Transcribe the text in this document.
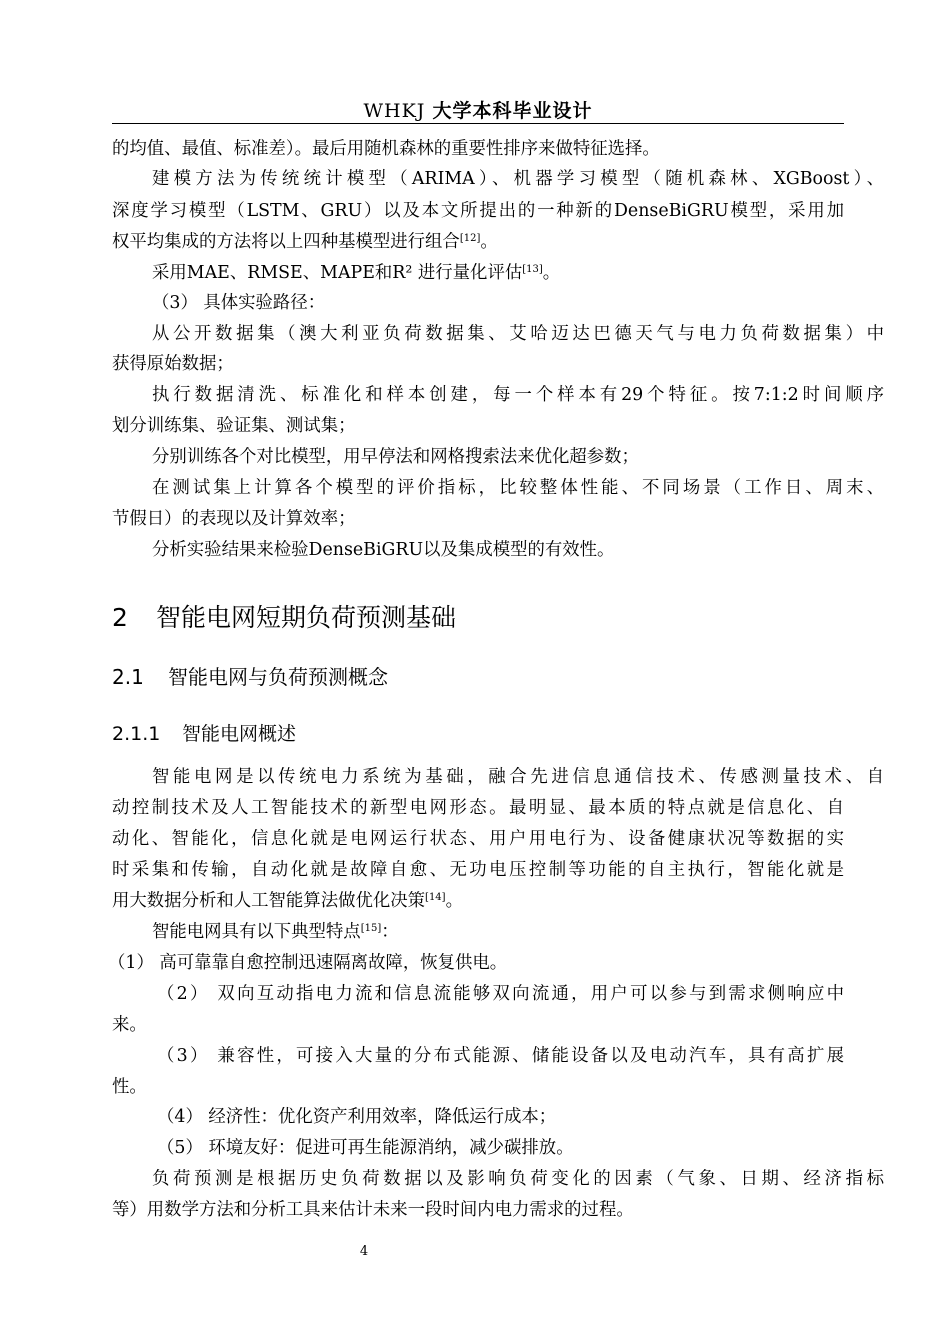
WHKJ 大学本科毕业设计
的均值、最值、标准差）。最后用随机森林的重要性排序来做特征选择。
建模方法为传统统计模型（ARIMA）、机器学习模型（随机森林、XGBoost）、
深度学习模型（LSTM、GRU）以及本文所提出的一种新的DenseBiGRU模型，采用加
权平均集成的方法将以上四种基模型进行组合[12]。
采用MAE、RMSE、MAPE和R² 进行量化评估[13]。
（3） 具体实验路径：
从公开数据集（澳大利亚负荷数据集、艾哈迈达巴德天气与电力负荷数据集）中
获得原始数据；
执行数据清洗、标准化和样本创建，每一个样本有29个特征。按7:1:2时间顺序
划分训练集、验证集、测试集；
分别训练各个对比模型，用早停法和网格搜索法来优化超参数；
在测试集上计算各个模型的评价指标，比较整体性能、不同场景（工作日、周末、
节假日）的表现以及计算效率；
分析实验结果来检验DenseBiGRU以及集成模型的有效性。
2 智能电网短期负荷预测基础
2.1 智能电网与负荷预测概念
2.1.1 智能电网概述
智能电网是以传统电力系统为基础，融合先进信息通信技术、传感测量技术、自
动控制技术及人工智能技术的新型电网形态。最明显、最本质的特点就是信息化、自
动化、智能化，信息化就是电网运行状态、用户用电行为、设备健康状况等数据的实
时采集和传输，自动化就是故障自愈、无功电压控制等功能的自主执行，智能化就是
用大数据分析和人工智能算法做优化决策[14]。
智能电网具有以下典型特点[15]：
（1） 高可靠靠自愈控制迅速隔离故障，恢复供电。
（2） 双向互动指电力流和信息流能够双向流通，用户可以参与到需求侧响应中
来。
（3） 兼容性，可接入大量的分布式能源、储能设备以及电动汽车，具有高扩展
性。
（4） 经济性：优化资产利用效率，降低运行成本；
（5） 环境友好：促进可再生能源消纳，减少碳排放。
负荷预测是根据历史负荷数据以及影响负荷变化的因素（气象、日期、经济指标
等）用数学方法和分析工具来估计未来一段时间内电力需求的过程。
4
